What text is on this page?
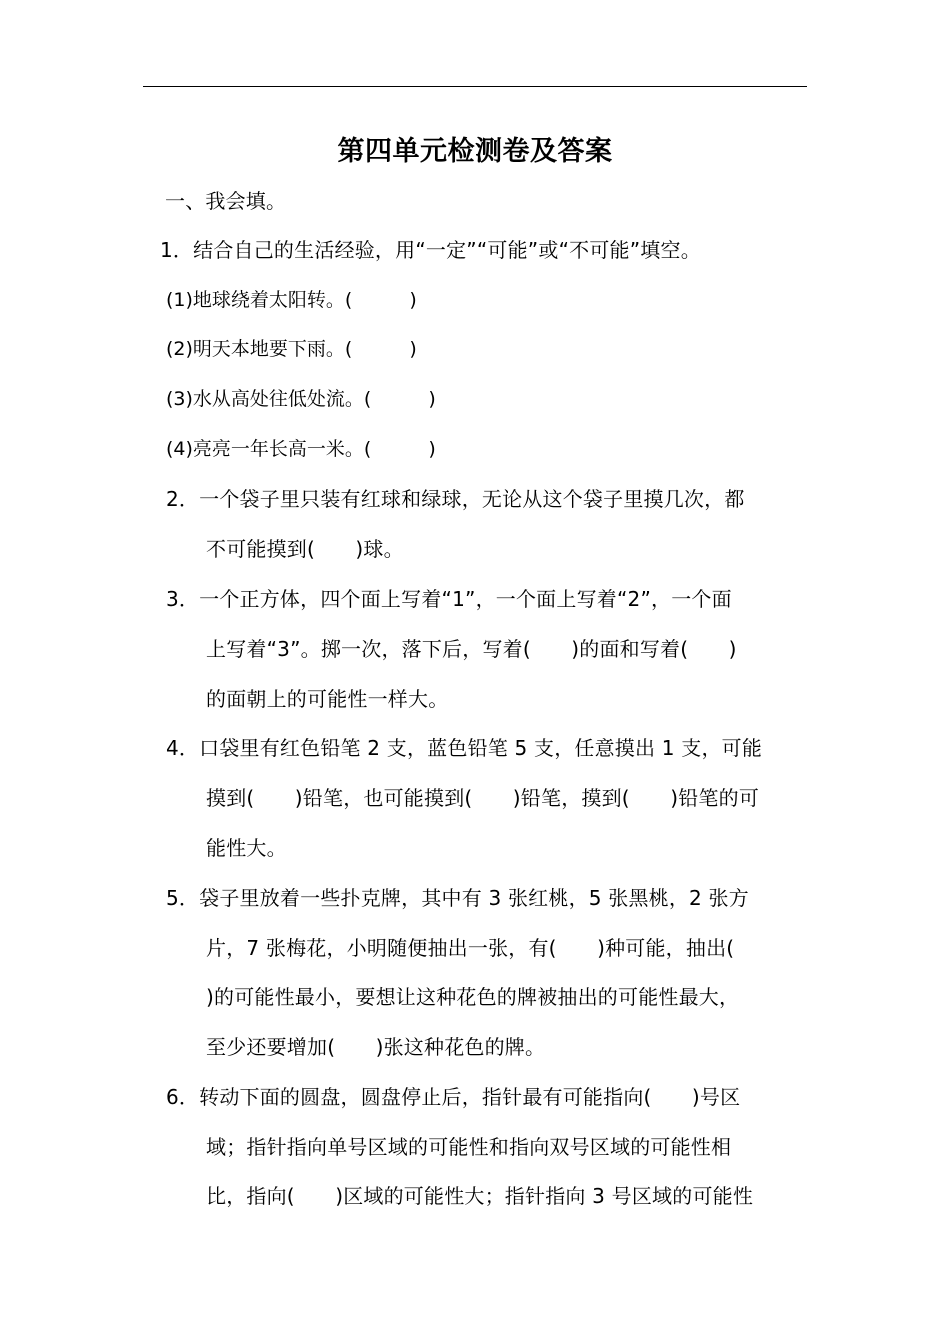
第四单元检测卷及答案
一、我会填。
1．结合自己的生活经验，用“一定”“可能”或“不可能”填空。
(1)地球绕着太阳转。(　　　)
(2)明天本地要下雨。(　　　)
(3)水从高处往低处流。(　　　)
(4)亮亮一年长高一米。(　　　)
2．一个袋子里只装有红球和绿球，无论从这个袋子里摸几次，都
不可能摸到(　　)球。
3．一个正方体，四个面上写着“1”，一个面上写着“2”，一个面
上写着“3”。掷一次，落下后，写着(　　)的面和写着(　　)
的面朝上的可能性一样大。
4．口袋里有红色铅笔 2 支，蓝色铅笔 5 支，任意摸出 1 支，可能
摸到(　　)铅笔，也可能摸到(　　)铅笔，摸到(　　)铅笔的可
能性大。
5．袋子里放着一些扑克牌，其中有 3 张红桃，5 张黑桃，2 张方
片，7 张梅花，小明随便抽出一张，有(　　)种可能，抽出(
)的可能性最小，要想让这种花色的牌被抽出的可能性最大，
至少还要增加(　　)张这种花色的牌。
6．转动下面的圆盘，圆盘停止后，指针最有可能指向(　　)号区
域；指针指向单号区域的可能性和指向双号区域的可能性相
比，指向(　　)区域的可能性大；指针指向 3 号区域的可能性
